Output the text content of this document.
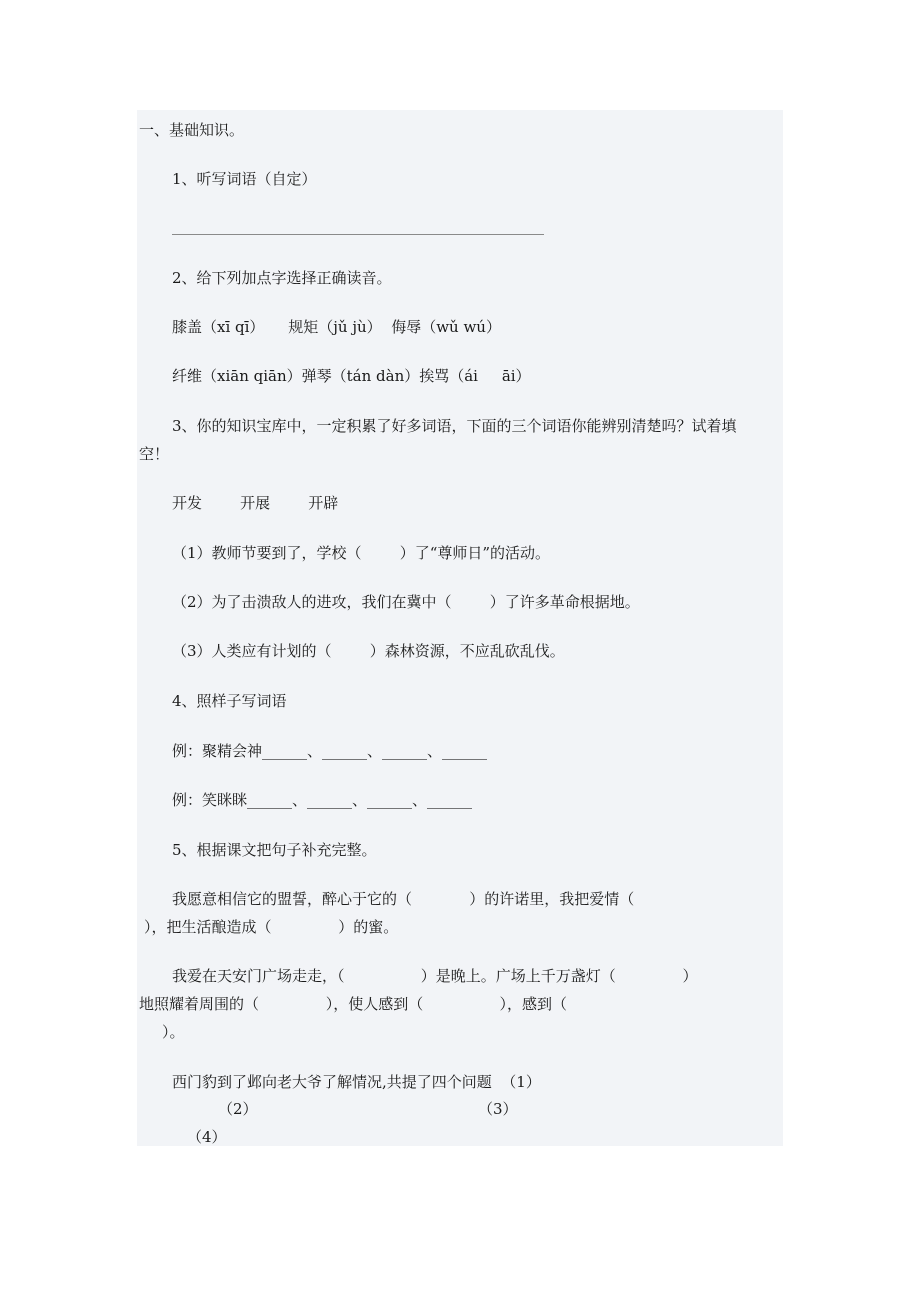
一、基础知识。

1、听写词语（自定）

2、给下列加点字选择正确读音。

膝盖（xī qī）     规矩（jǔ jù）  侮辱（wǔ wú）

纤维（xiān qiān）弹琴（tán dàn）挨骂（ái     āi）

3、你的知识宝库中，一定积累了好多词语，下面的三个词语你能辨别清楚吗？试着填

空！

开发        开展        开辟

（1）教师节要到了，学校（        ）了“尊师日”的活动。

（2）为了击溃敌人的进攻，我们在冀中（        ）了许多革命根据地。

（3）人类应有计划的（        ）森林资源，不应乱砍乱伐。

4、照样子写词语

例：聚精会神______、______、______、______

例：笑眯眯______、______、______、______

5、根据课文把句子补充完整。

我愿意相信它的盟誓，醉心于它的（            ）的许诺里，我把爱情（

），把生活酿造成（              ）的蜜。

我爱在天安门广场走走，（                ）是晚上。广场上千万盏灯（              ）

地照耀着周围的（              ），使人感到（                ），感到（

）。

西门豹到了邺向老大爷了解情况,共提了四个问题  （1）

（2）	（3）

（4）
